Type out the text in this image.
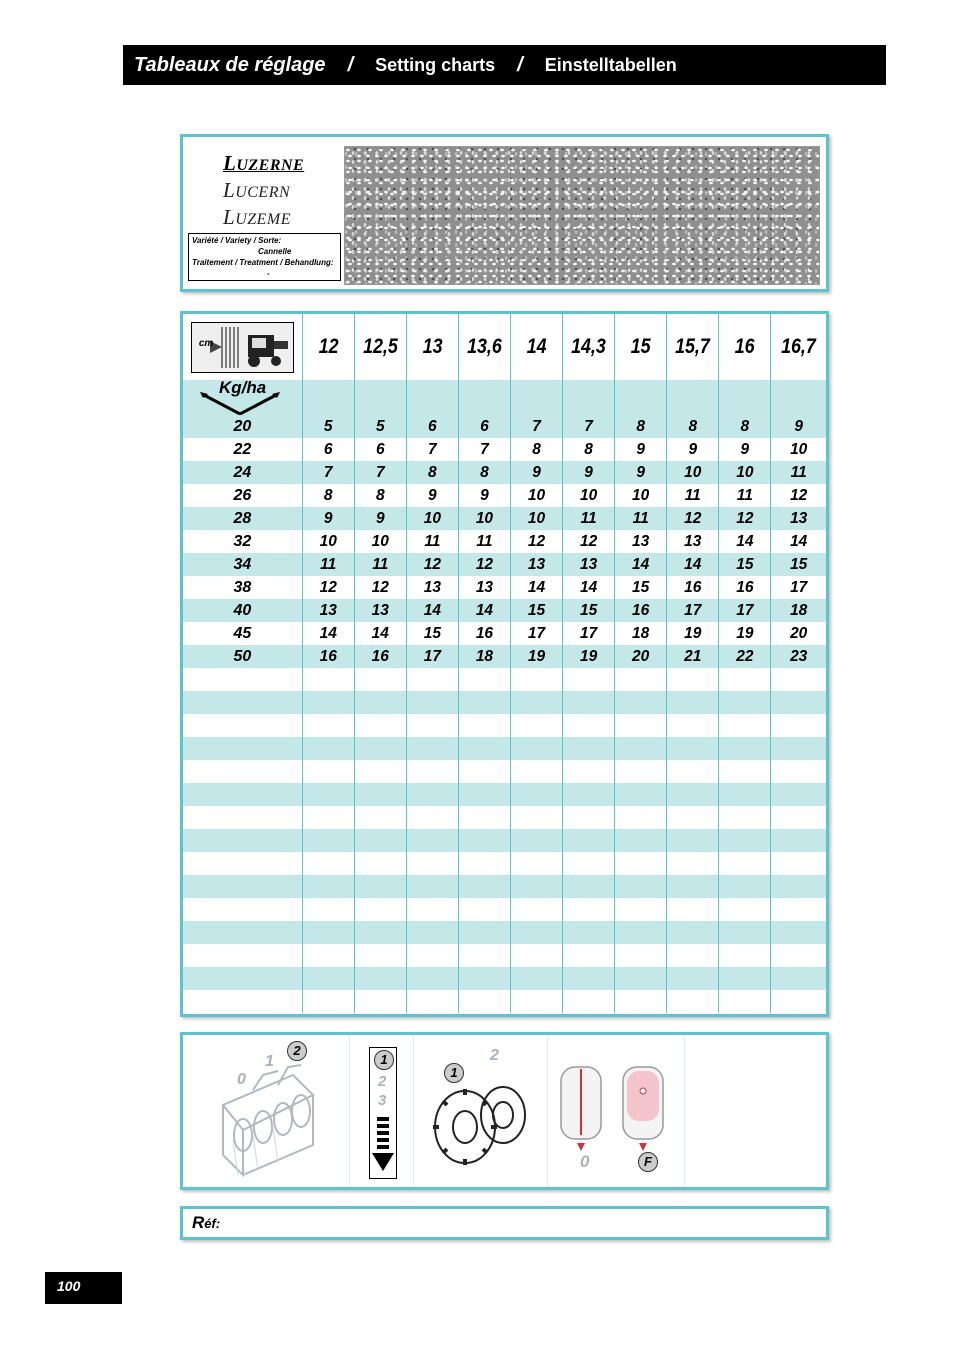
Tableaux de réglage / Setting charts / Einstelltabellen
LUZERNE
LUCERN
LUZEME
Variété / Variety / Sorte:
Cannelle
Traitement / Treatment / Behandlung:
-
cm	12	12,5	13	13,6	14	14,3	15	15,7	16	16,7

Kg/ha										

20	5	5	6	6	7	7	8	8	8	9
22	6	6	7	7	8	8	9	9	9	10
24	7	7	8	8	9	9	9	10	10	11
26	8	8	9	9	10	10	10	11	11	12
28	9	9	10	10	10	11	11	12	12	13
32	10	10	11	11	12	12	13	13	14	14
34	11	11	12	12	13	13	14	14	15	15
38	12	12	13	13	14	14	15	16	16	17
40	13	13	14	14	15	15	16	17	17	18
45	14	14	15	16	17	17	18	19	19	20
50	16	16	17	18	19	19	20	21	22	23

0
1
2
1
2
3
1
2
0	F
Réf:
100
